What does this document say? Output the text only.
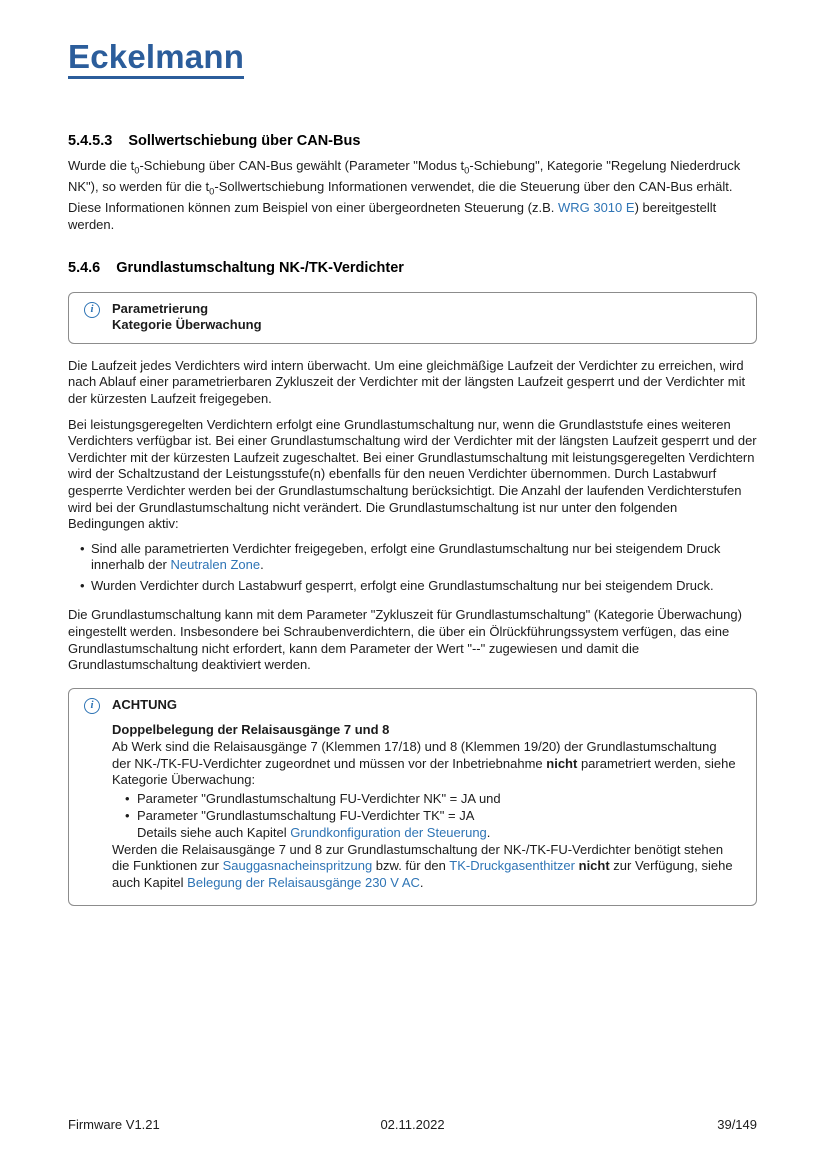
Eckelmann
5.4.5.3 Sollwertschiebung über CAN-Bus

Wurde die $t_0$-Schiebung über CAN-Bus gewählt (Parameter "Modus $t_0$-Schiebung", Kategorie "Regelung Niederdruck NK"), so werden für die $t_0$-Sollwertschiebung Informationen verwendet, die die Steuerung über den CAN-Bus erhält. Diese Informationen können zum Beispiel von einer übergeordneten Steuerung (z.B. WRG 3010 E) bereitgestellt werden.

5.4.6 Grundlastumschaltung NK-/TK-Verdichter
i Parametrierung
Kategorie Überwachung

Die Laufzeit jedes Verdichters wird intern überwacht. Um eine gleichmäßige Laufzeit der Verdichter zu erreichen, wird nach Ablauf einer parametrierbaren Zykluszeit der Verdichter mit der längsten Laufzeit gesperrt und der Verdichter mit der kürzesten Laufzeit freigegeben.

Bei leistungsgeregelten Verdichtern erfolgt eine Grundlastumschaltung nur, wenn die Grundlaststufe eines weiteren Verdichters verfügbar ist. Bei einer Grundlastumschaltung wird der Verdichter mit der längsten Laufzeit gesperrt und der Verdichter mit der kürzesten Laufzeit zugeschaltet. Bei einer Grundlastumschaltung mit leistungsgeregelten Verdichtern wird der Schaltzustand der Leistungsstufe(n) ebenfalls für den neuen Verdichter übernommen. Durch Lastabwurf gesperrte Verdichter werden bei der Grundlastumschaltung berücksichtigt. Die Anzahl der laufenden Verdichterstufen wird bei der Grundlastumschaltung nicht verändert. Die Grundlastumschaltung ist nur unter den folgenden Bedingungen aktiv:

• Sind alle parametrierten Verdichter freigegeben, erfolgt eine Grundlastumschaltung nur bei steigendem Druck innerhalb der Neutralen Zone.
• Wurden Verdichter durch Lastabwurf gesperrt, erfolgt eine Grundlastumschaltung nur bei steigendem Druck.

Die Grundlastumschaltung kann mit dem Parameter "Zykluszeit für Grundlastumschaltung" (Kategorie Überwachung) eingestellt werden. Insbesondere bei Schraubenverdichtern, die über ein Ölrückführungssystem verfügen, das eine Grundlastumschaltung nicht erfordert, kann dem Parameter der Wert "--" zugewiesen und damit die Grundlastumschaltung deaktiviert werden.

i ACHTUNG
Doppelbelegung der Relaisausgänge 7 und 8
Ab Werk sind die Relaisausgänge 7 (Klemmen 17/18) und 8 (Klemmen 19/20) der Grundlastumschaltung der NK-/TK-FU-Verdichter zugeordnet und müssen vor der Inbetriebnahme nicht parametriert werden, siehe Kategorie Überwachung:
• Parameter "Grundlastumschaltung FU-Verdichter NK" = JA und
• Parameter "Grundlastumschaltung FU-Verdichter TK" = JA
Details siehe auch Kapitel Grundkonfiguration der Steuerung.
Werden die Relaisausgänge 7 und 8 zur Grundlastumschaltung der NK-/TK-FU-Verdichter benötigt stehen die Funktionen zur Sauggasnacheinspritzung bzw. für den TK-Druckgasenthitzer nicht zur Verfügung, siehe auch Kapitel Belegung der Relaisausgänge 230 V AC.
Firmware V1.21	02.11.2022	39/149
